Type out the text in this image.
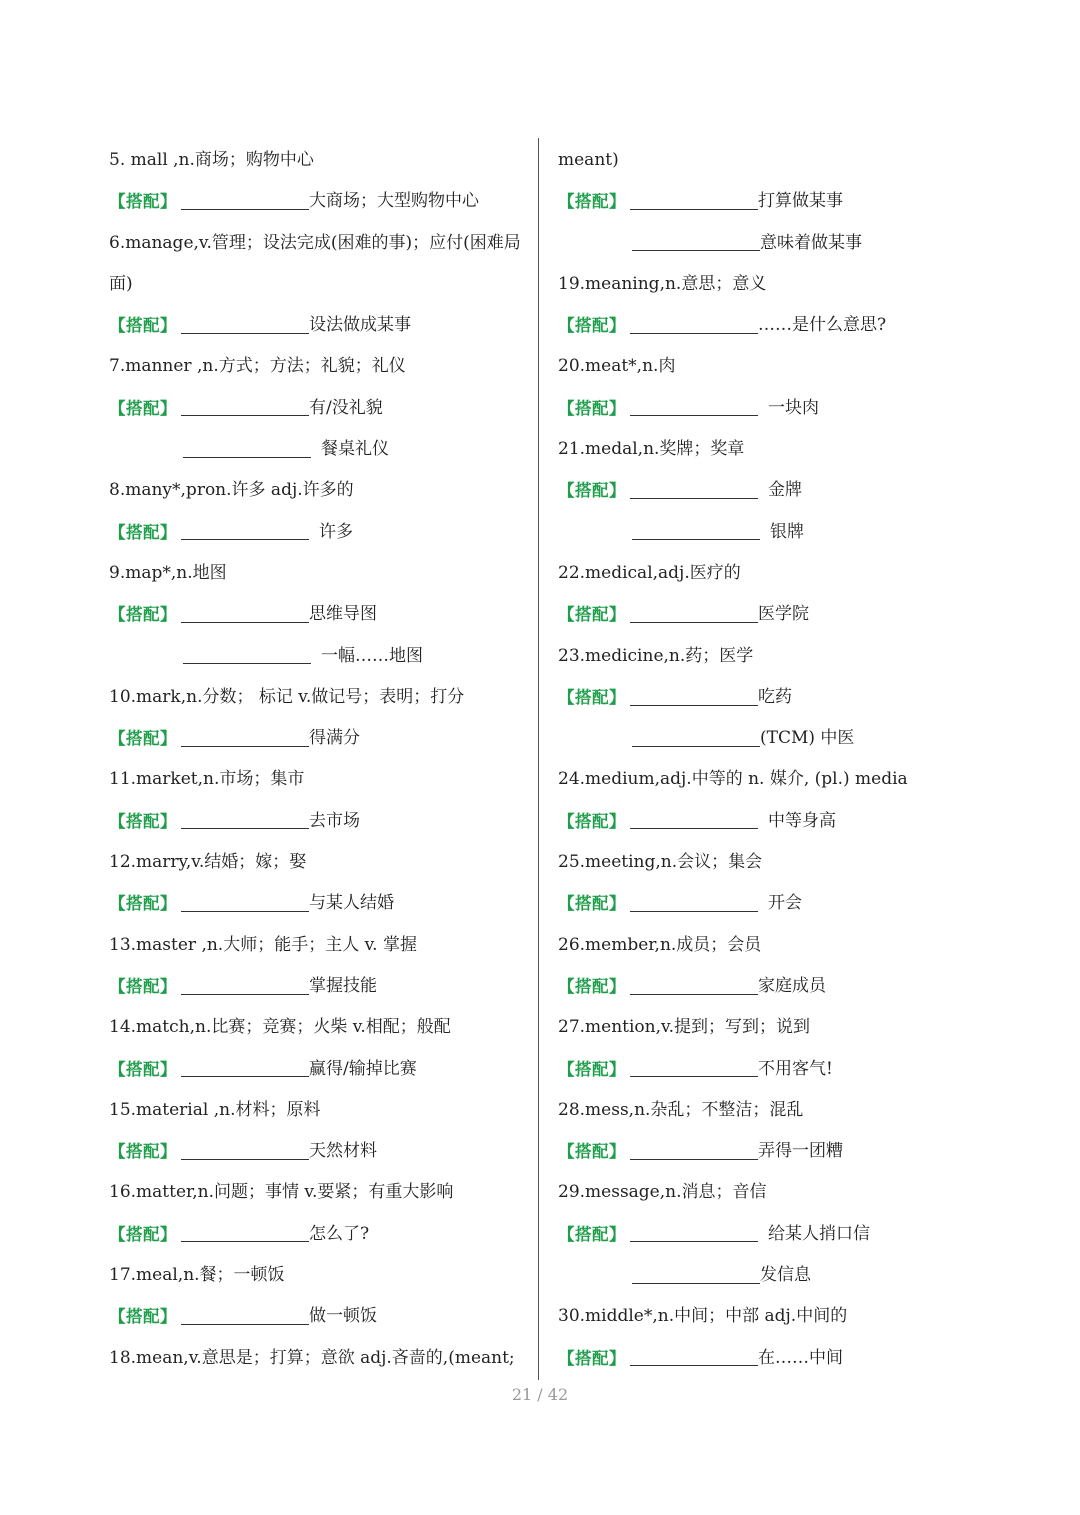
5. mall ,n.商场；购物中心
【搭配】	大商场；大型购物中心
6.manage,v.管理；设法完成(困难的事)；应付(困难局
面)
【搭配】	设法做成某事
7.manner ,n.方式；方法；礼貌；礼仪
【搭配】	有/没礼貌
餐桌礼仪
8.many*,pron.许多 adj.许多的
【搭配】	许多
9.map*,n.地图
【搭配】	思维导图
一幅……地图
10.mark,n.分数； 标记 v.做记号；表明；打分
【搭配】	得满分
11.market,n.市场；集市
【搭配】	去市场
12.marry,v.结婚；嫁；娶
【搭配】	与某人结婚
13.master ,n.大师；能手；主人 v. 掌握
【搭配】	掌握技能
14.match,n.比赛；竞赛；火柴 v.相配；般配
【搭配】	赢得/输掉比赛
15.material ,n.材料；原料
【搭配】	天然材料
16.matter,n.问题；事情 v.要紧；有重大影响
【搭配】	怎么了?
17.meal,n.餐；一顿饭
【搭配】	做一顿饭
18.mean,v.意思是；打算；意欲 adj.吝啬的,(meant;
meant)
【搭配】	打算做某事
意味着做某事
19.meaning,n.意思；意义
【搭配】	……是什么意思?
20.meat*,n.肉
【搭配】	一块肉
21.medal,n.奖牌；奖章
【搭配】	金牌
银牌
22.medical,adj.医疗的
【搭配】	医学院
23.medicine,n.药；医学
【搭配】	吃药
(TCM) 中医
24.medium,adj.中等的 n. 媒介, (pl.) media
【搭配】	中等身高
25.meeting,n.会议；集会
【搭配】	开会
26.member,n.成员；会员
【搭配】	家庭成员
27.mention,v.提到；写到；说到
【搭配】	不用客气!
28.mess,n.杂乱；不整洁；混乱
【搭配】	弄得一团糟
29.message,n.消息；音信
【搭配】	给某人捎口信
发信息
30.middle*,n.中间；中部 adj.中间的
【搭配】	在……中间
21 / 42
